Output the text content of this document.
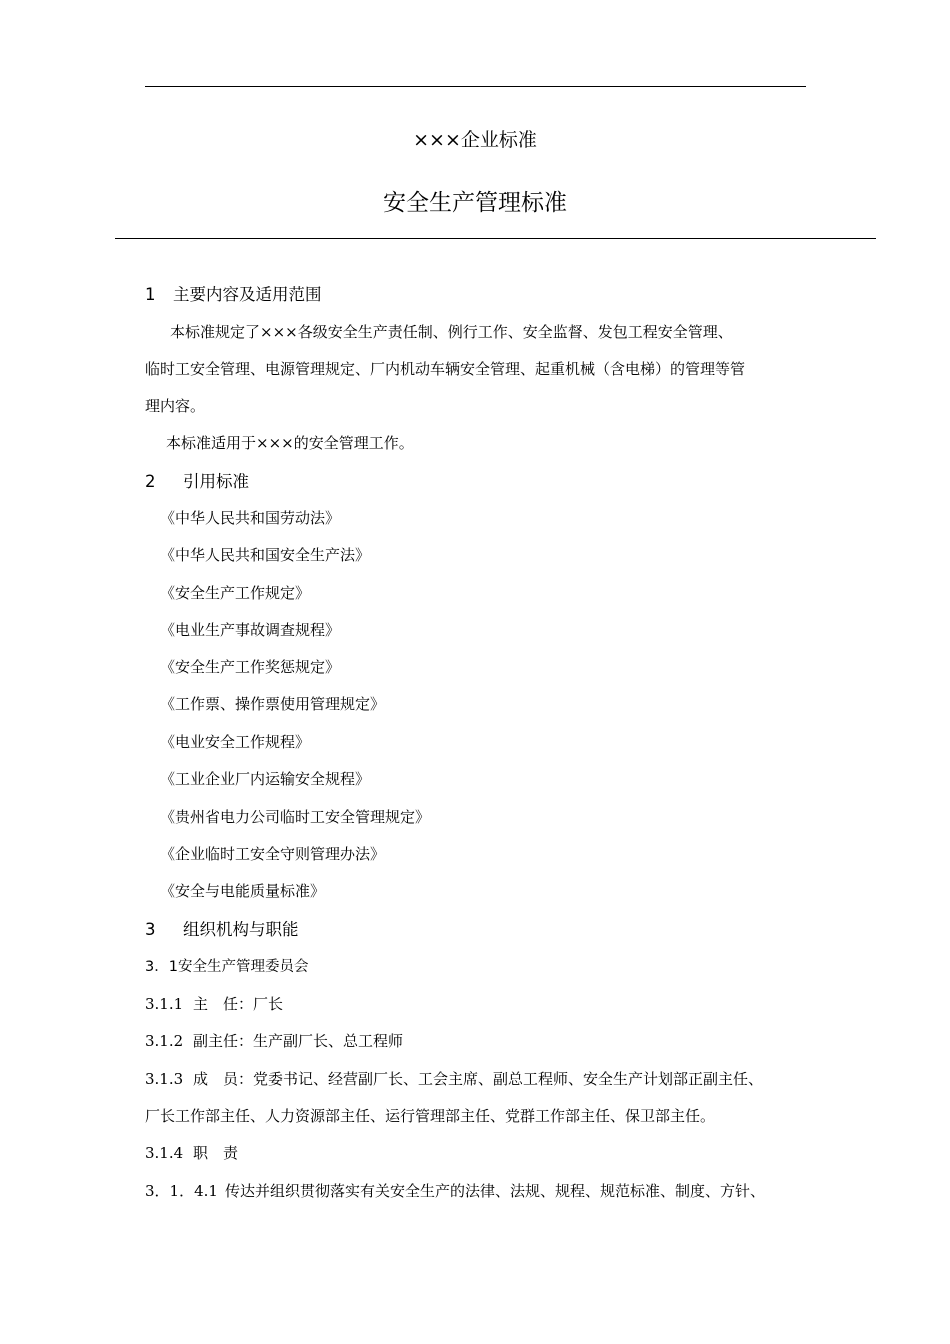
×××企业标准
安全生产管理标准
1 主要内容及适用范围
本标准规定了×××各级安全生产责任制、例行工作、安全监督、发包工程安全管理、
临时工安全管理、电源管理规定、厂内机动车辆安全管理、起重机械（含电梯）的管理等管
理内容。
本标准适用于×××的安全管理工作。
2 引用标准
《中华人民共和国劳动法》
《中华人民共和国安全生产法》
《安全生产工作规定》
《电业生产事故调查规程》
《安全生产工作奖惩规定》
《工作票、操作票使用管理规定》
《电业安全工作规程》
《工业企业厂内运输安全规程》
《贵州省电力公司临时工安全管理规定》
《企业临时工安全守则管理办法》
《安全与电能质量标准》
3 组织机构与职能
3．1安全生产管理委员会
3.1.1 主　任：厂长
3.1.2 副主任：生产副厂长、总工程师
3.1.3 成　员：党委书记、经营副厂长、工会主席、副总工程师、安全生产计划部正副主任、
厂长工作部主任、人力资源部主任、运行管理部主任、党群工作部主任、保卫部主任。
3.1.4 职　责
3．1．4.1 传达并组织贯彻落实有关安全生产的法律、法规、规程、规范标准、制度、方针、
